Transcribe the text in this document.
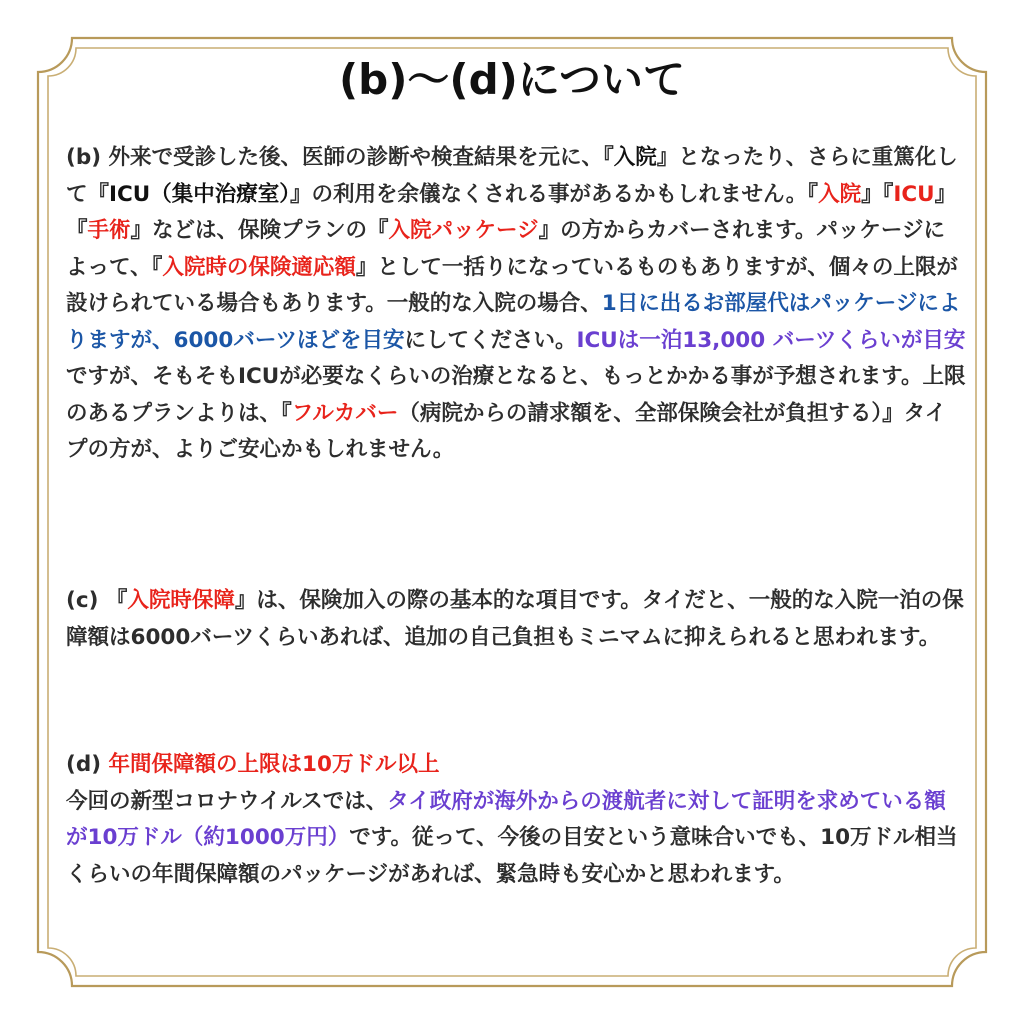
(b)〜(d)について

(b) 外来で受診した後、医師の診断や検査結果を元に、『入院』となったり、さらに重篤化して『ICU（集中治療室）』の利用を余儀なくされる事があるかもしれません。『入院』『ICU』『手術』などは、保険プランの『入院パッケージ』の方からカバーされます。パッケージによって、『入院時の保険適応額』として一括りになっているものもありますが、個々の上限が設けられている場合もあります。一般的な入院の場合、1日に出るお部屋代はパッケージによりますが、6000バーツほどを目安にしてください。ICUは一泊13,000 バーツくらいが目安ですが、そもそもICUが必要なくらいの治療となると、もっとかかる事が予想されます。上限のあるプランよりは、『フルカバー（病院からの請求額を、全部保険会社が負担する）』タイプの方が、よりご安心かもしれません。

(c) 『入院時保障』は、保険加入の際の基本的な項目です。タイだと、一般的な入院一泊の保障額は6000バーツくらいあれば、追加の自己負担もミニマムに抑えられると思われます。

(d) 年間保障額の上限は10万ドル以上
今回の新型コロナウイルスでは、タイ政府が海外からの渡航者に対して証明を求めている額が10万ドル（約1000万円）です。従って、今後の目安という意味合いでも、10万ドル相当くらいの年間保障額のパッケージがあれば、緊急時も安心かと思われます。
